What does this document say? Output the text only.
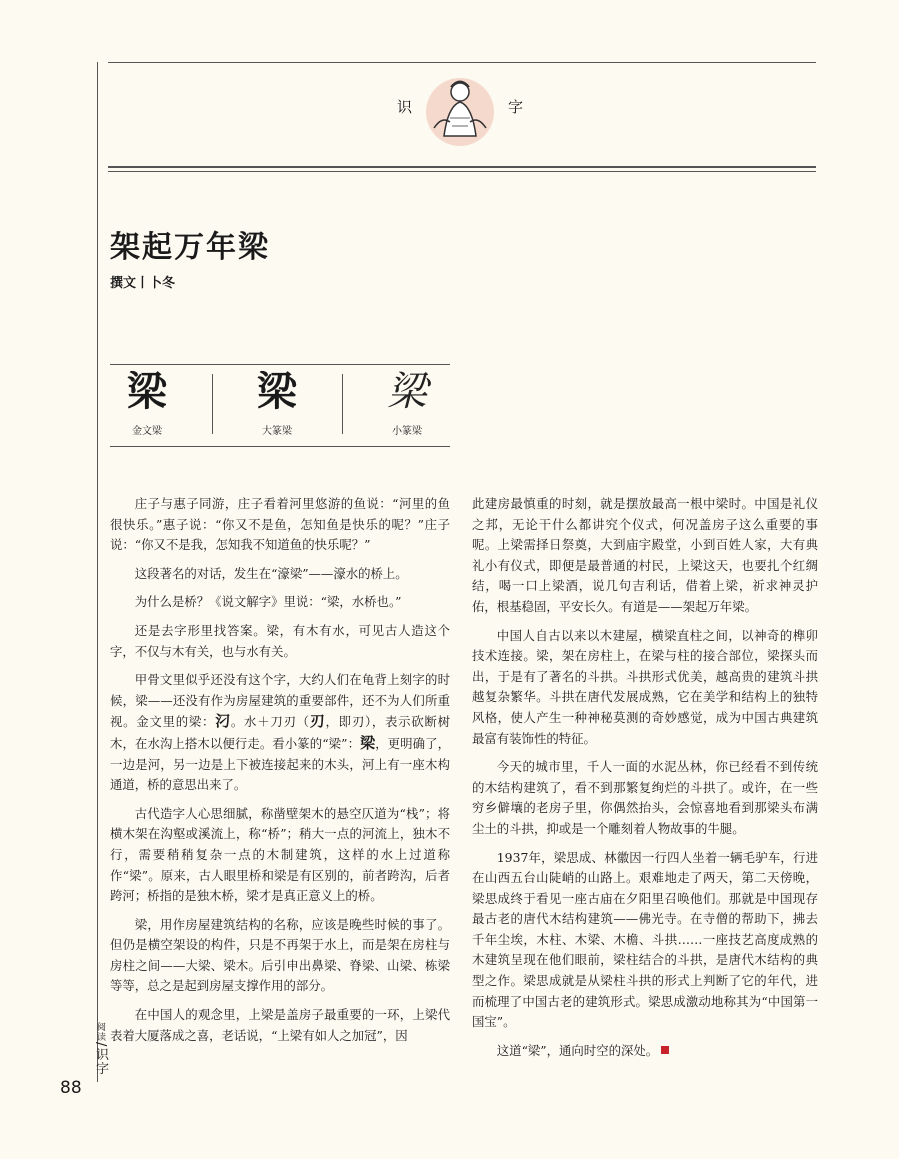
识	字
架起万年梁
撰文丨卜冬
梁
金文梁
梁
大篆梁
梁
小篆梁

庄子与惠子同游，庄子看着河里悠游的鱼说：“河里的鱼很快乐。”惠子说：“你又不是鱼，怎知鱼是快乐的呢？”庄子说：“你又不是我，怎知我不知道鱼的快乐呢？”

这段著名的对话，发生在“濠梁”——濠水的桥上。

为什么是桥？《说文解字》里说：“梁，水桥也。”

还是去字形里找答案。梁，有木有水，可见古人造这个字，不仅与木有关，也与水有关。

甲骨文里似乎还没有这个字，大约人们在龟背上刻字的时候，梁——还没有作为房屋建筑的重要部件，还不为人们所重视。金文里的梁：汈。水＋刀刃（刃，即刃），表示砍断树木，在水沟上搭木以便行走。看小篆的“梁”：梁，更明确了，一边是河，另一边是上下被连接起来的木头，河上有一座木构通道，桥的意思出来了。

古代造字人心思细腻，称凿壁架木的悬空仄道为“栈”；将横木架在沟壑或溪流上，称“桥”；稍大一点的河流上，独木不行，需要稍稍复杂一点的木制建筑，这样的水上过道称作“梁”。原来，古人眼里桥和梁是有区别的，前者跨沟，后者跨河；桥指的是独木桥，梁才是真正意义上的桥。

梁，用作房屋建筑结构的名称，应该是晚些时候的事了。但仍是横空架设的构件，只是不再架于水上，而是架在房柱与房柱之间——大梁、梁木。后引申出鼻梁、脊梁、山梁、栋梁等等，总之是起到房屋支撑作用的部分。

在中国人的观念里，上梁是盖房子最重要的一环，上梁代表着大厦落成之喜，老话说，“上梁有如人之加冠”，因

此建房最慎重的时刻，就是摆放最高一根中梁时。中国是礼仪之邦，无论干什么都讲究个仪式，何况盖房子这么重要的事呢。上梁需择日祭奠，大到庙宇殿堂，小到百姓人家，大有典礼小有仪式，即便是最普通的村民，上梁这天，也要扎个红绸结，喝一口上梁酒，说几句吉利话，借着上梁，祈求神灵护佑，根基稳固，平安长久。有道是——架起万年梁。

中国人自古以来以木建屋，横梁直柱之间，以神奇的榫卯技术连接。梁，架在房柱上，在梁与柱的接合部位，梁探头而出，于是有了著名的斗拱。斗拱形式优美，越高贵的建筑斗拱越复杂繁华。斗拱在唐代发展成熟，它在美学和结构上的独特风格，使人产生一种神秘莫测的奇妙感觉，成为中国古典建筑最富有装饰性的特征。

今天的城市里，千人一面的水泥丛林，你已经看不到传统的木结构建筑了，看不到那繁复绚烂的斗拱了。或许，在一些穷乡僻壤的老房子里，你偶然抬头，会惊喜地看到那梁头布满尘土的斗拱，抑或是一个雕刻着人物故事的牛腿。

1937年，梁思成、林徽因一行四人坐着一辆毛驴车，行进在山西五台山陡峭的山路上。艰难地走了两天，第二天傍晚，梁思成终于看见一座古庙在夕阳里召唤他们。那就是中国现存最古老的唐代木结构建筑——佛光寺。在寺僧的帮助下，拂去千年尘埃，木柱、木梁、木檐、斗拱……一座技艺高度成熟的木建筑呈现在他们眼前，梁柱结合的斗拱，是唐代木结构的典型之作。梁思成就是从梁柱斗拱的形式上判断了它的年代，进而梳理了中国古老的建筑形式。梁思成激动地称其为“中国第一国宝”。

这道“梁”，通向时空的深处。

阅读/识字
88
